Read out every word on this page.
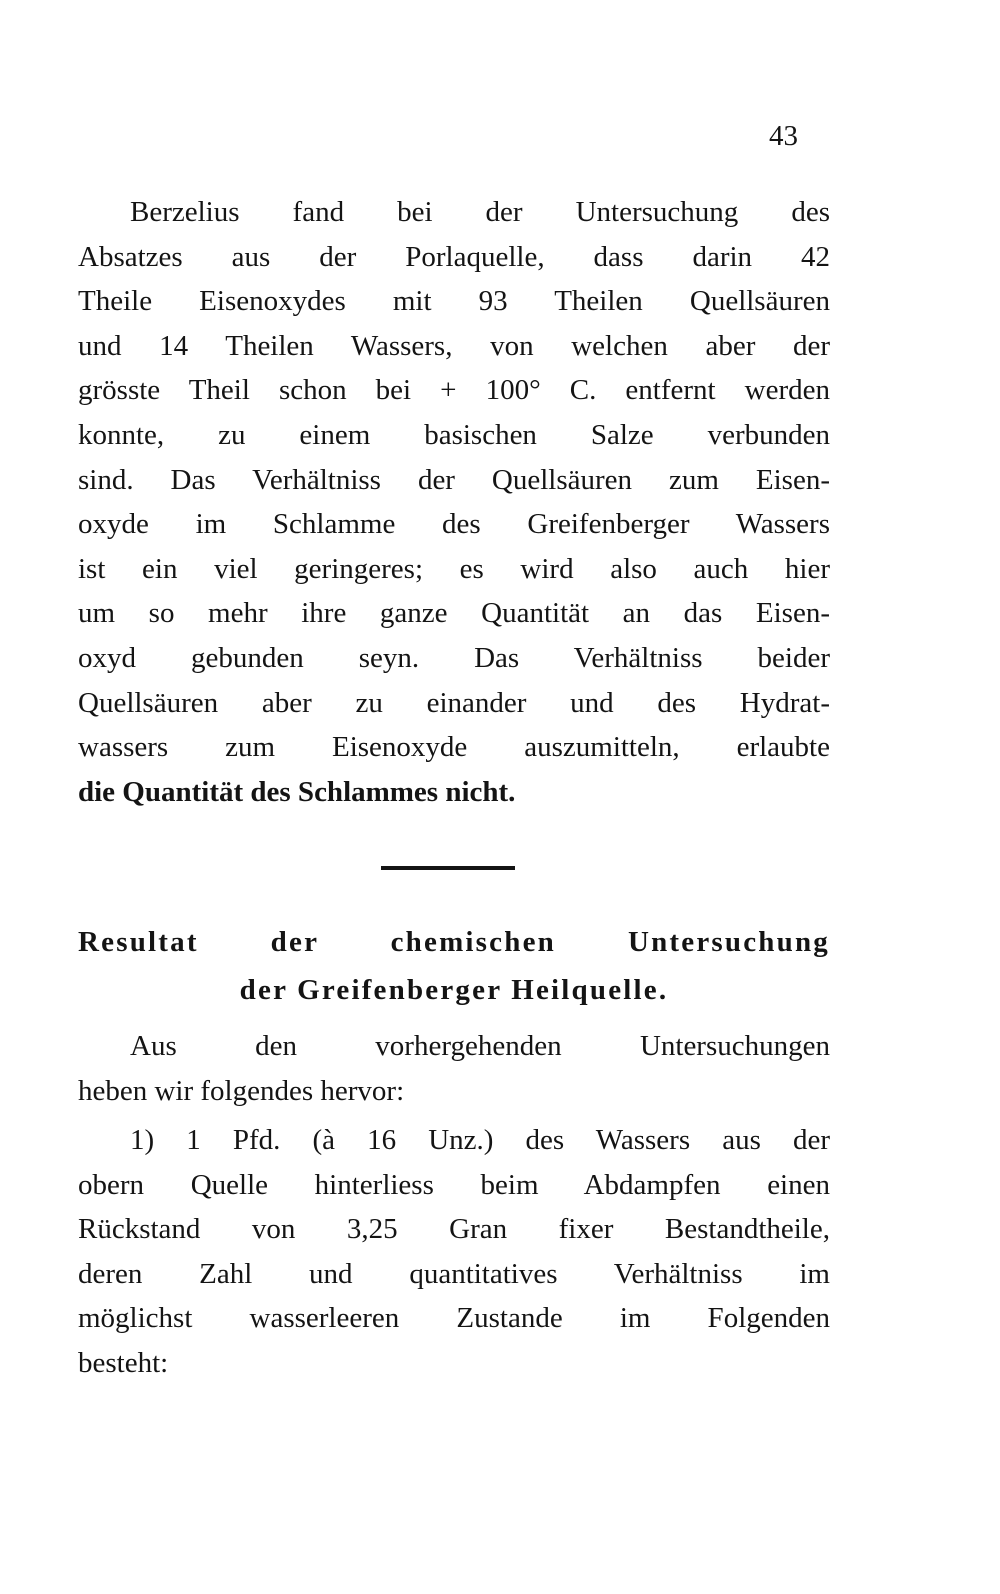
43
Berzelius fand bei der Untersuchung des
Absatzes aus der Porlaquelle, dass darin 42
Theile Eisenoxydes mit 93 Theilen Quellsäuren
und 14 Theilen Wassers, von welchen aber der
grösste Theil schon bei + 100° C. entfernt werden
konnte, zu einem basischen Salze verbunden
sind. Das Verhältniss der Quellsäuren zum Eisen-
oxyde im Schlamme des Greifenberger Wassers
ist ein viel geringeres; es wird also auch hier
um so mehr ihre ganze Quantität an das Eisen-
oxyd gebunden seyn. Das Verhältniss beider
Quellsäuren aber zu einander und des Hydrat-
wassers zum Eisenoxyde auszumitteln, erlaubte
die Quantität des Schlammes nicht.
Resultat der chemischen Untersuchung
der Greifenberger Heilquelle.
Aus den vorhergehenden Untersuchungen
heben wir folgendes hervor:
1) 1 Pfd. (à 16 Unz.) des Wassers aus der
obern Quelle hinterliess beim Abdampfen einen
Rückstand von 3,25 Gran fixer Bestandtheile,
deren Zahl und quantitatives Verhältniss im
möglichst wasserleeren Zustande im Folgenden
besteht:
